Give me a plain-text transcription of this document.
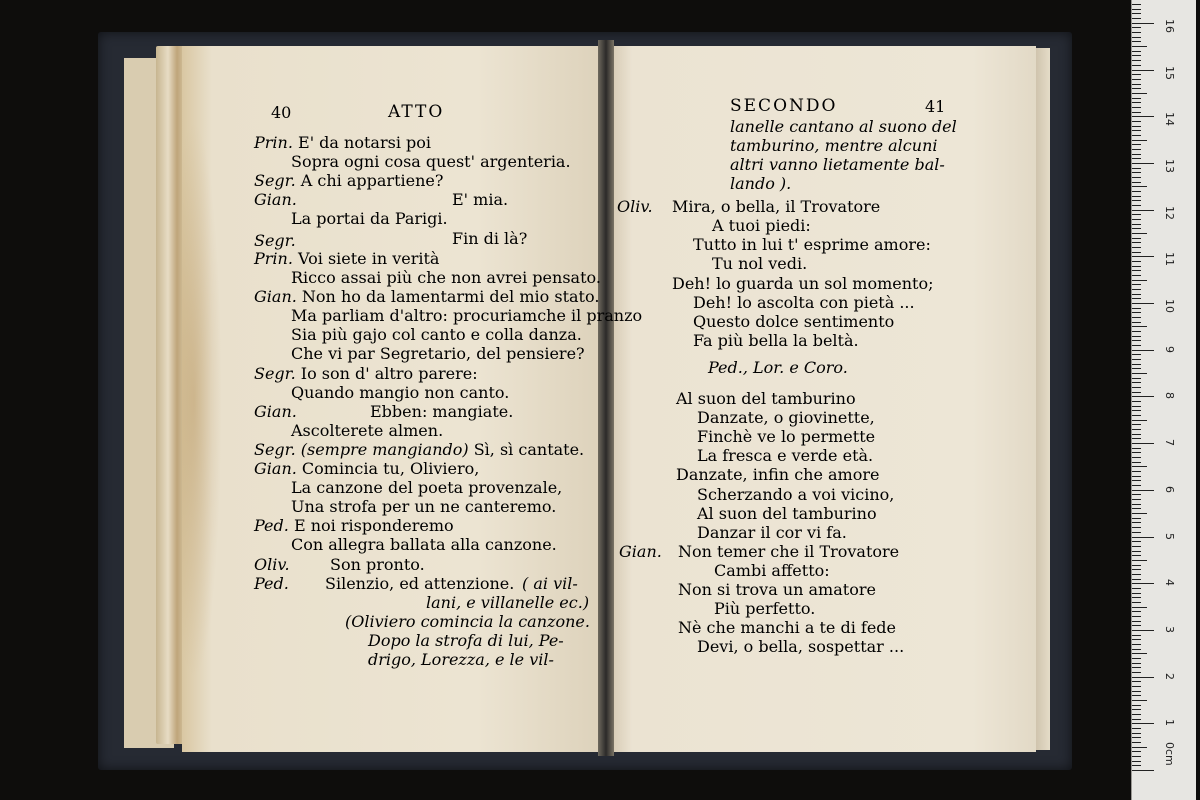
40	ATTO	SECONDO	41
Prin. E' da notarsi poi
Sopra ogni cosa quest' argenteria.
Segr. A chi appartiene?
Gian.	E' mia.
La portai da Parigi.
Segr.	Fin di là?
Prin. Voi siete in verità
Ricco assai più che non avrei pensato.
Gian. Non ho da lamentarmi del mio stato.
Ma parliam d'altro: procuriamche il pranzo
Sia più gajo col canto e colla danza.
Che vi par Segretario, del pensiere?
Segr. Io son d' altro parere:
Quando mangio non canto.
Gian.	Ebben: mangiate.
Ascolterete almen.
Segr. (sempre mangiando) Sì, sì cantate.
Gian. Comincia tu, Oliviero,
La canzone del poeta provenzale,
Una strofa per un ne canteremo.
Ped. E noi risponderemo
Con allegra ballata alla canzone.
Oliv.	Son pronto.
Ped. Silenzio, ed attenzione. ( ai vil-
lani, e villanelle ec.)
(Oliviero comincia la canzone.
Dopo la strofa di lui, Pe-
drigo, Lorezza, e le vil-
lanelle cantano al suono del
tamburino, mentre alcuni
altri vanno lietamente bal-
lando ).
Oliv. Mira, o bella, il Trovatore
A tuoi piedi:
Tutto in lui t' esprime amore:
Tu nol vedi.
Deh! lo guarda un sol momento;
Deh! lo ascolta con pietà ...
Questo dolce sentimento
Fa più bella la beltà.
Ped., Lor. e Coro.
Al suon del tamburino
Danzate, o giovinette,
Finchè ve lo permette
La fresca e verde età.
Danzate, infin che amore
Scherzando a voi vicino,
Al suon del tamburino
Danzar il cor vi fa.
Gian. Non temer che il Trovatore
Cambi affetto:
Non si trova un amatore
Più perfetto.
Nè che manchi a te di fede
Devi, o bella, sospettar ...
0cm
1
2
3
4
5
6
7
8
9
10
11
12
13
14
15
16
